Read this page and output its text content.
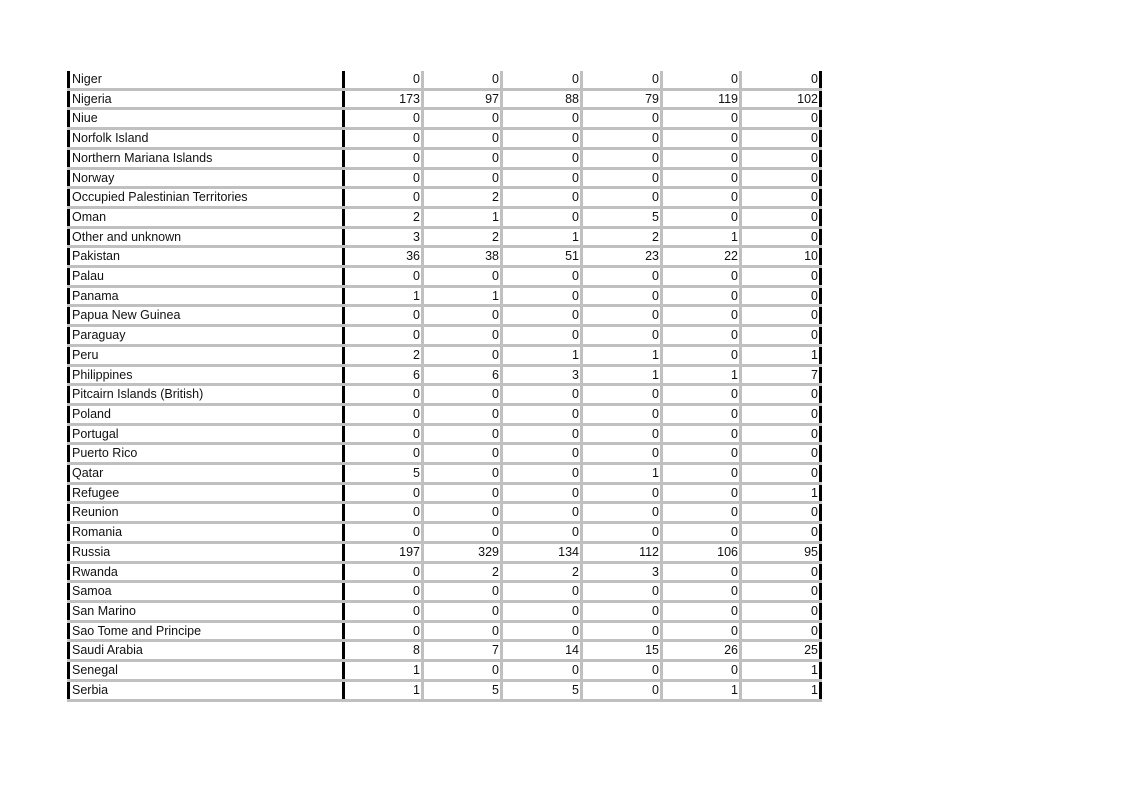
Niger	0	0	0	0	0	0
Nigeria	173	97	88	79	119	102
Niue	0	0	0	0	0	0
Norfolk Island	0	0	0	0	0	0
Northern Mariana Islands	0	0	0	0	0	0
Norway	0	0	0	0	0	0
Occupied Palestinian Territories	0	2	0	0	0	0
Oman	2	1	0	5	0	0
Other and unknown	3	2	1	2	1	0
Pakistan	36	38	51	23	22	10
Palau	0	0	0	0	0	0
Panama	1	1	0	0	0	0
Papua New Guinea	0	0	0	0	0	0
Paraguay	0	0	0	0	0	0
Peru	2	0	1	1	0	1
Philippines	6	6	3	1	1	7
Pitcairn Islands (British)	0	0	0	0	0	0
Poland	0	0	0	0	0	0
Portugal	0	0	0	0	0	0
Puerto Rico	0	0	0	0	0	0
Qatar	5	0	0	1	0	0
Refugee	0	0	0	0	0	1
Reunion	0	0	0	0	0	0
Romania	0	0	0	0	0	0
Russia	197	329	134	112	106	95
Rwanda	0	2	2	3	0	0
Samoa	0	0	0	0	0	0
San Marino	0	0	0	0	0	0
Sao Tome and Principe	0	0	0	0	0	0
Saudi Arabia	8	7	14	15	26	25
Senegal	1	0	0	0	0	1
Serbia	1	5	5	0	1	1
